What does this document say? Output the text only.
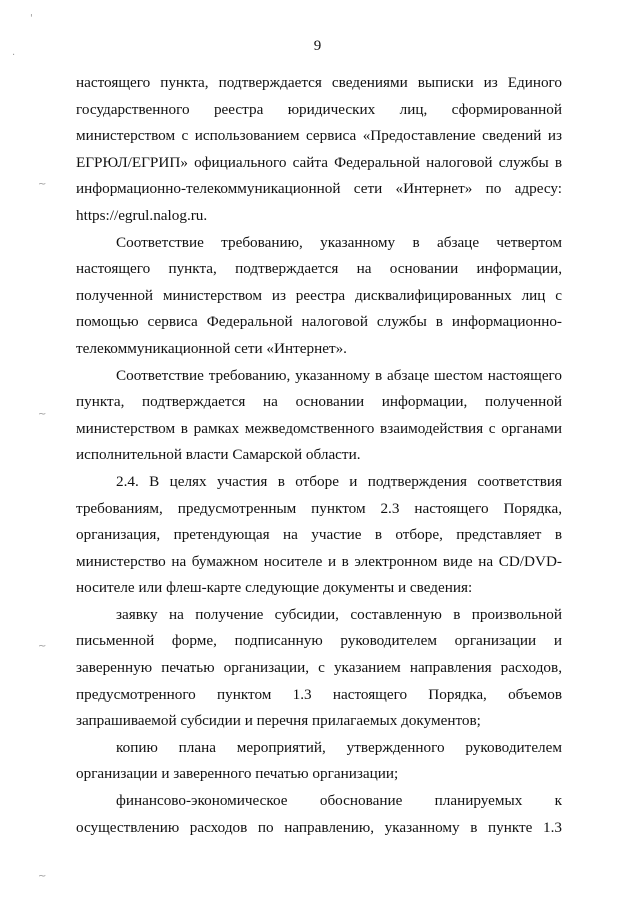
9
настоящего пункта, подтверждается сведениями выписки из Единого
государственного реестра юридических лиц, сформированной
министерством с использованием сервиса «Предоставление сведений из
ЕГРЮЛ/ЕГРИП» официального сайта Федеральной налоговой службы в
информационно-телекоммуникационной сети «Интернет» по адресу:
https://egrul.nalog.ru.
Соответствие требованию, указанному в абзаце четвертом
настоящего пункта, подтверждается на основании информации,
полученной министерством из реестра дисквалифицированных лиц с
помощью сервиса Федеральной налоговой службы в информационно-
телекоммуникационной сети «Интернет».
Соответствие требованию, указанному в абзаце шестом настоящего
пункта, подтверждается на основании информации, полученной
министерством в рамках межведомственного взаимодействия с органами
исполнительной власти Самарской области.
2.4. В целях участия в отборе и подтверждения соответствия
требованиям, предусмотренным пунктом 2.3 настоящего Порядка,
организация, претендующая на участие в отборе, представляет в
министерство на бумажном носителе и в электронном виде на CD/DVD-
носителе или флеш-карте следующие документы и сведения:
заявку на получение субсидии, составленную в произвольной
письменной форме, подписанную руководителем организации и
заверенную печатью организации, с указанием направления расходов,
предусмотренного пунктом 1.3 настоящего Порядка, объемов
запрашиваемой субсидии и перечня прилагаемых документов;
копию плана мероприятий, утвержденного руководителем
организации и заверенного печатью организации;
финансово-экономическое обоснование планируемых к
осуществлению расходов по направлению, указанному в пункте 1.3
'
.
~
~
~
~
